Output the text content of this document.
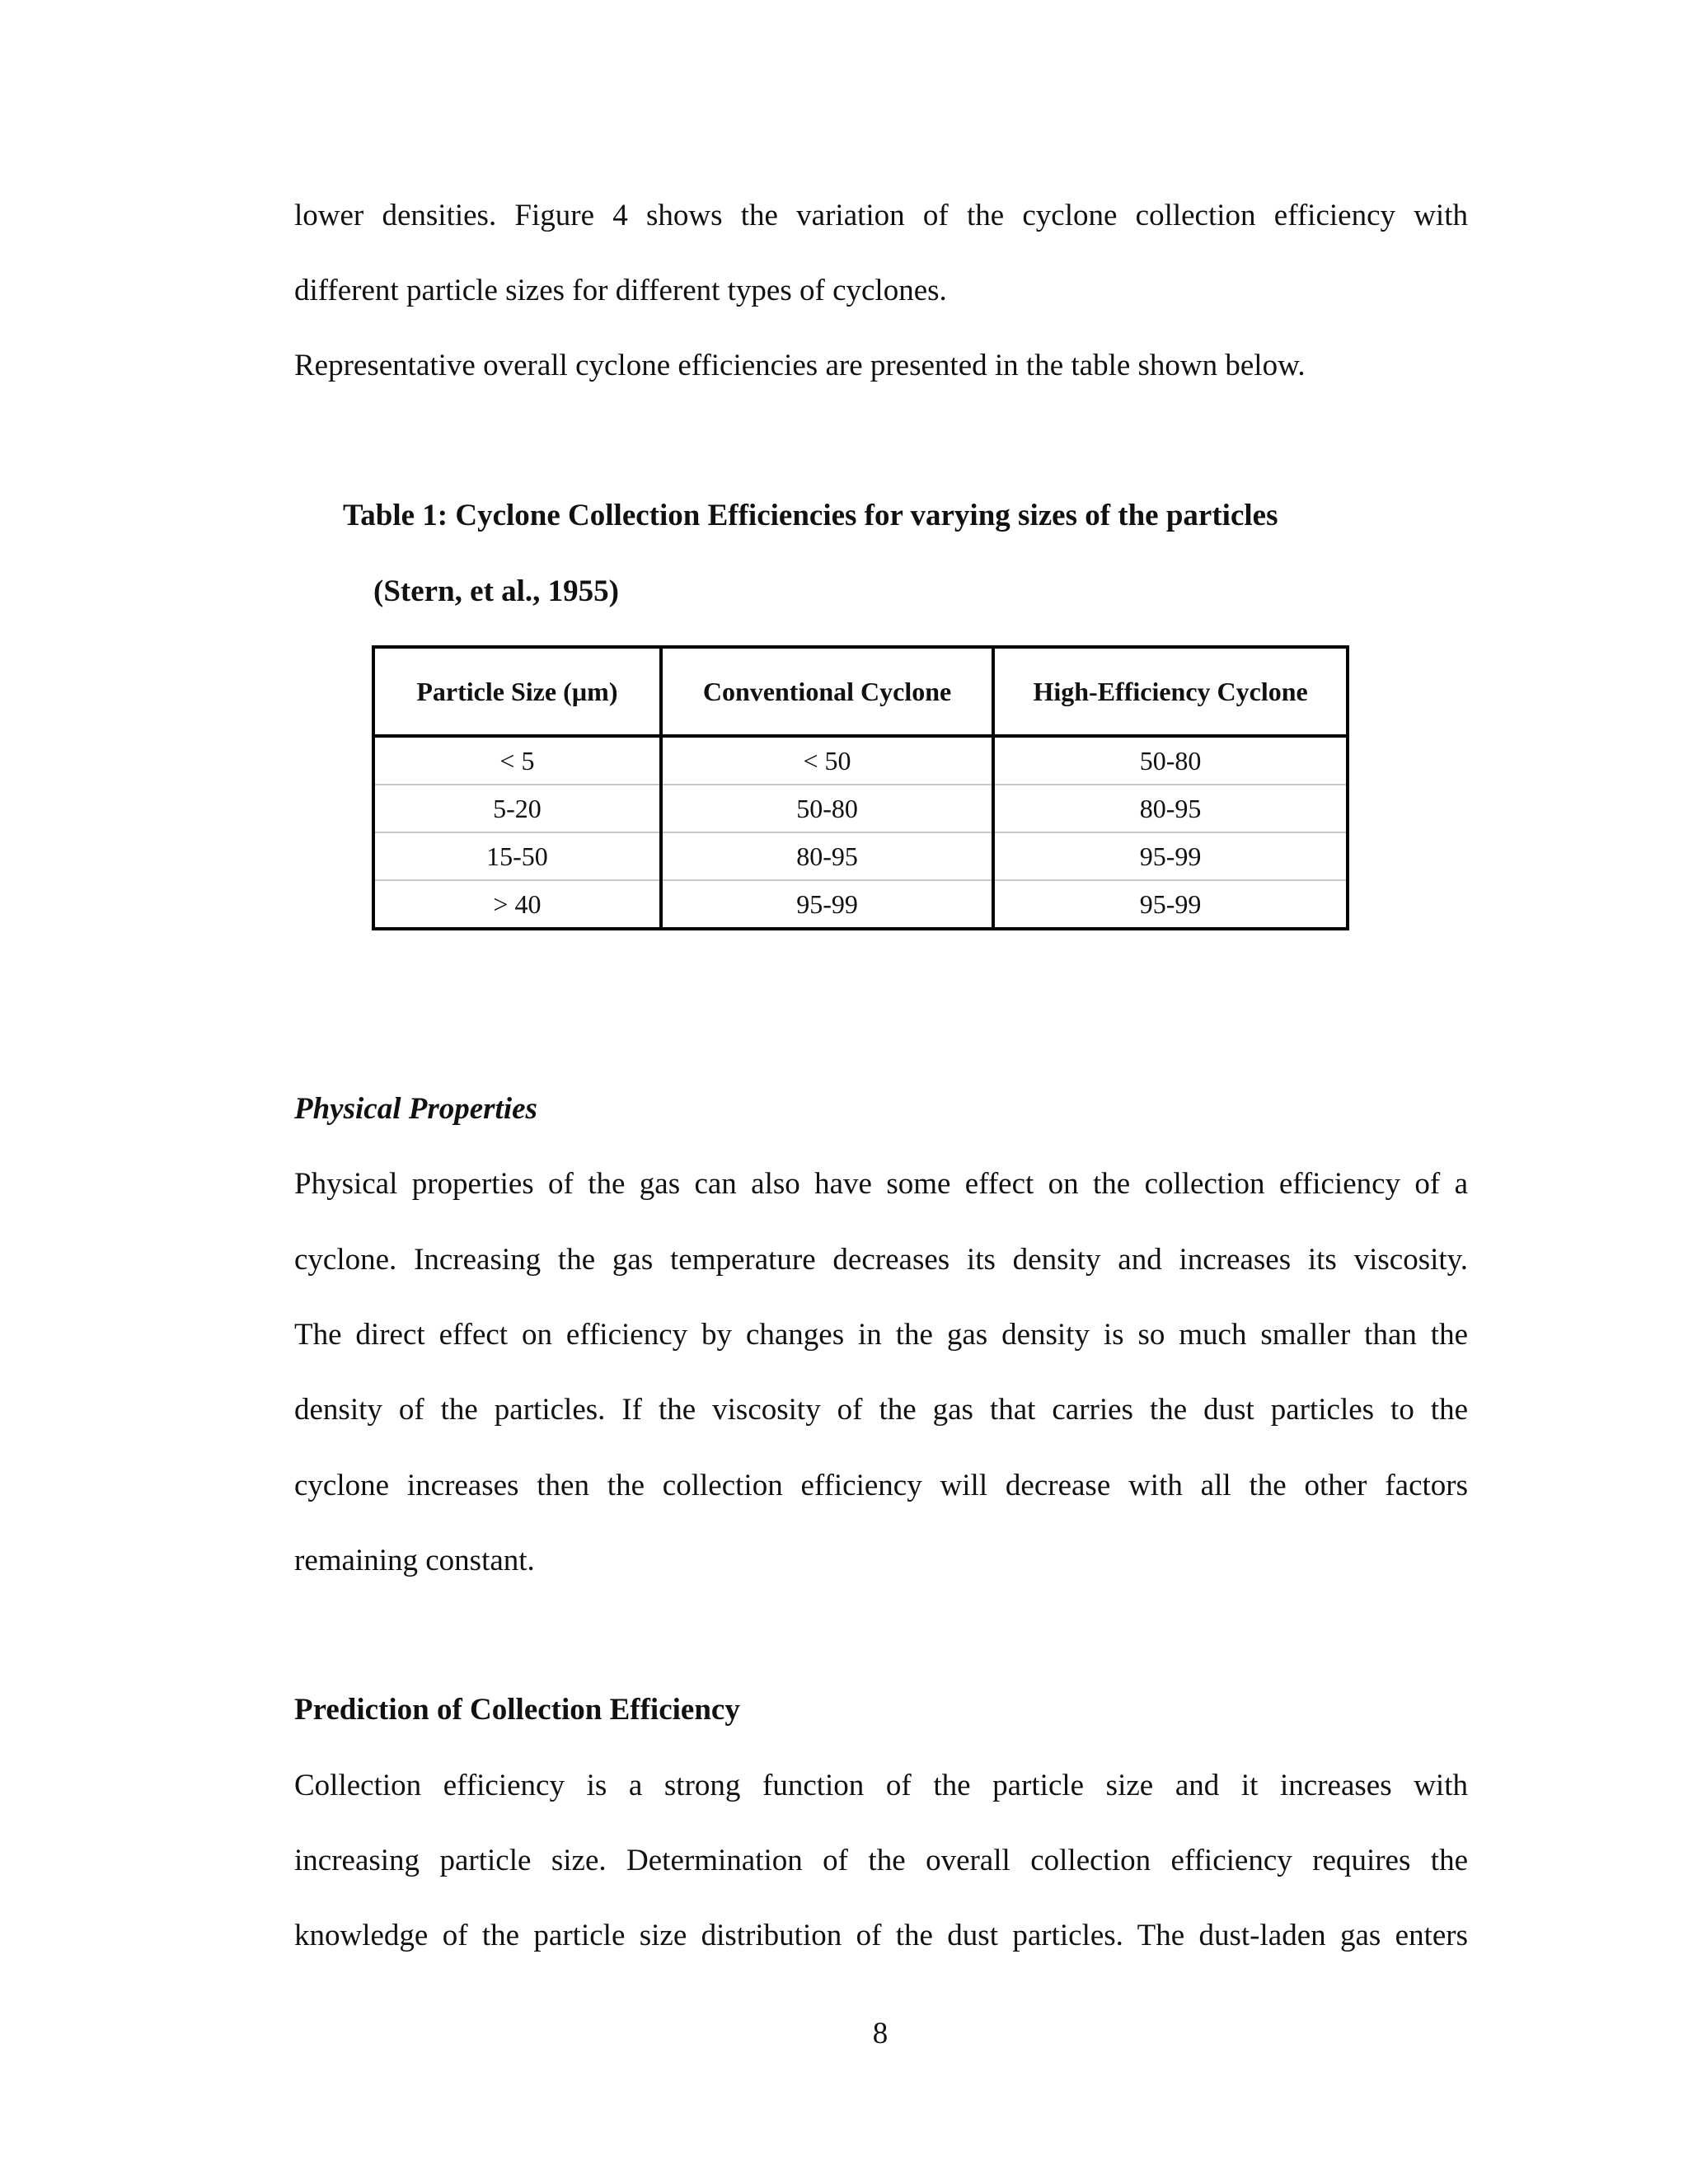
lower densities. Figure 4 shows the variation of the cyclone collection efficiency with
different particle sizes for different types of cyclones.
Representative overall cyclone efficiencies are presented in the table shown below.
Table 1: Cyclone Collection Efficiencies for varying sizes of the particles
(Stern, et al., 1955)
Particle Size (µm)	Conventional Cyclone	High-Efficiency Cyclone
< 5	< 50	50-80
5-20	50-80	80-95
15-50	80-95	95-99
> 40	95-99	95-99
Physical Properties
Physical properties of the gas can also have some effect on the collection efficiency of a
cyclone. Increasing the gas temperature decreases its density and increases its viscosity.
The direct effect on efficiency by changes in the gas density is so much smaller than the
density of the particles. If the viscosity of the gas that carries the dust particles to the
cyclone increases then the collection efficiency will decrease with all the other factors
remaining constant.
Prediction of Collection Efficiency
Collection efficiency is a strong function of the particle size and it increases with
increasing particle size. Determination of the overall collection efficiency requires the
knowledge of the particle size distribution of the dust particles. The dust-laden gas enters
8
